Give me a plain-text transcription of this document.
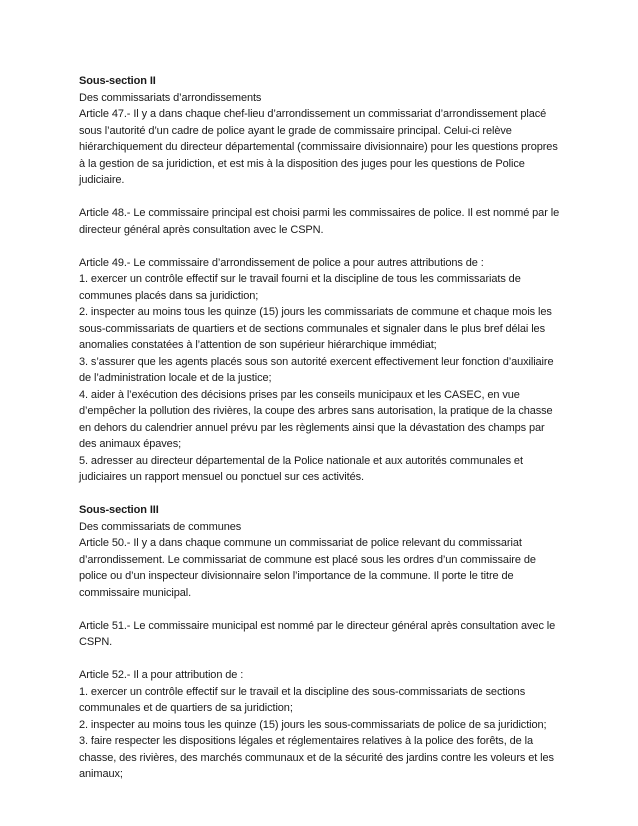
Sous-section II
Des commissariats d’arrondissements
Article 47.- Il y a dans chaque chef-lieu d’arrondissement un commissariat d’arrondissement placé sous l’autorité d’un cadre de police ayant le grade de commissaire principal. Celui-ci relève hiérarchiquement du directeur départemental (commissaire divisionnaire) pour les questions propres à la gestion de sa juridiction, et est mis à la disposition des juges pour les questions de Police judiciaire.
Article 48.- Le commissaire principal est choisi parmi les commissaires de police. Il est nommé par le directeur général après consultation avec le CSPN.
Article 49.- Le commissaire d’arrondissement de police a pour autres attributions de :
1. exercer un contrôle effectif sur le travail fourni et la discipline de tous les commissariats de communes placés dans sa juridiction;
2. inspecter au moins tous les quinze (15) jours les commissariats de commune et chaque mois les sous-commissariats de quartiers et de sections communales et signaler dans le plus bref délai les anomalies constatées à l’attention de son supérieur hiérarchique immédiat;
3. s’assurer que les agents placés sous son autorité exercent effectivement leur fonction d’auxiliaire de l’administration locale et de la justice;
4. aider à l’exécution des décisions prises par les conseils municipaux et les CASEC, en vue d’empêcher la pollution des rivières, la coupe des arbres sans autorisation, la pratique de la chasse en dehors du calendrier annuel prévu par les règlements ainsi que la dévastation des champs par des animaux épaves;
5. adresser au directeur départemental de la Police nationale et aux autorités communales et judiciaires un rapport mensuel ou ponctuel sur ces activités.
Sous-section III
Des commissariats de communes
Article 50.- Il y a dans chaque commune un commissariat de police relevant du commissariat d’arrondissement. Le commissariat de commune est placé sous les ordres d’un commissaire de police ou d’un inspecteur divisionnaire selon l’importance de la commune. Il porte le titre de commissaire municipal.
Article 51.- Le commissaire municipal est nommé par le directeur général après consultation avec le CSPN.
Article 52.- Il a pour attribution de :
1. exercer un contrôle effectif sur le travail et la discipline des sous-commissariats de sections communales et de quartiers de sa juridiction;
2. inspecter au moins tous les quinze (15) jours les sous-commissariats de police de sa juridiction;
3. faire respecter les dispositions légales et réglementaires relatives à la police des forêts, de la chasse, des rivières, des marchés communaux et de la sécurité des jardins contre les voleurs et les animaux;
